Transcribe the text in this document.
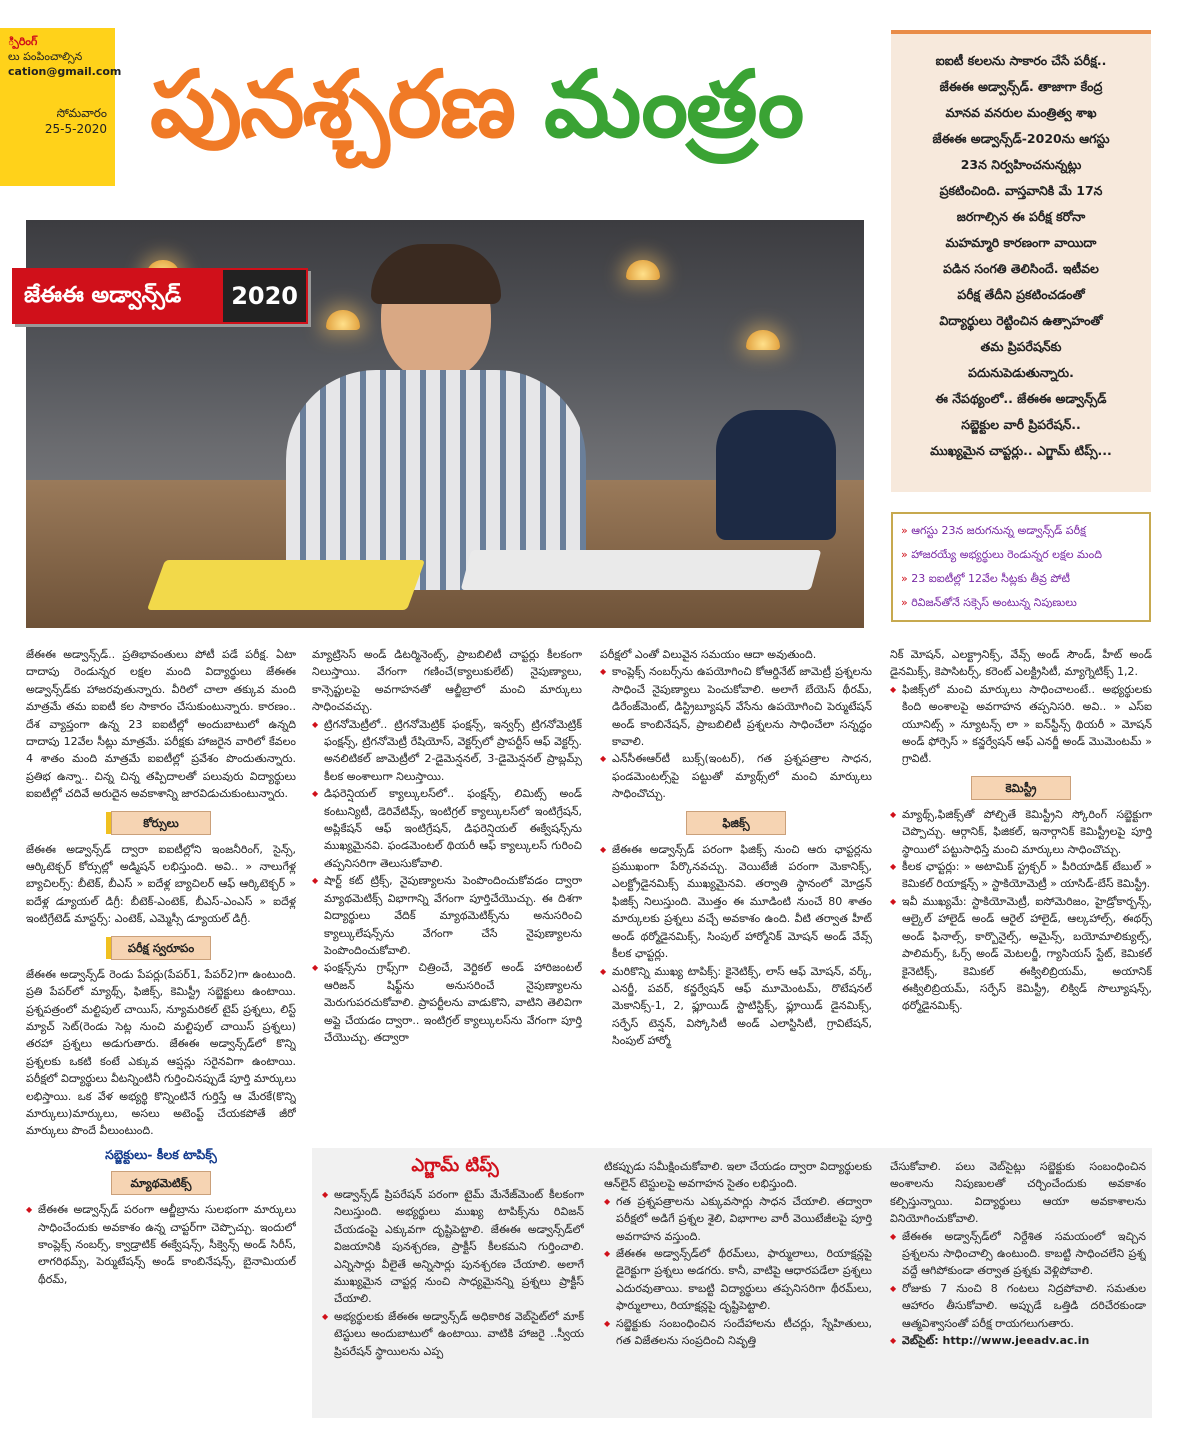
్పిరింగ్
లు పంపించాల్సిన
cation@gmail.com
సోమవారం
25-5-2020 పునశ్చరణ మంత్రం
జేఈఈ అడ్వాన్స్‌డ్	2020
ఐఐటీ కలలను సాకారం చేసే పరీక్ష..
జేఈఈ అడ్వాన్స్‌డ్. తాజాగా కేంద్ర
మానవ వనరుల మంత్రిత్వ శాఖ
జేఈఈ అడ్వాన్స్‌డ్‌-2020ను ఆగస్టు
23న నిర్వహించనున్నట్లు
ప్రకటించింది. వాస్తవానికి మే 17న
జరగాల్సిన ఈ పరీక్ష కరోనా
మహమ్మారి కారణంగా వాయిదా
పడిన సంగతి తెలిసిందే. ఇటీవల
పరీక్ష తేదీని ప్రకటించడంతో
విద్యార్థులు రెట్టించిన ఉత్సాహంతో
తమ ప్రిపరేషన్‌కు
పదునుపెడుతున్నారు.
ఈ నేపథ్యంలో.. జేఈఈ అడ్వాన్స్‌డ్‌
సబ్జెక్టుల వారీ ప్రిపరేషన్‌..
ముఖ్యమైన చాప్టర్లు.. ఎగ్జామ్‌ టిప్స్‌...
» ఆగస్టు 23న జరుగనున్న అడ్వాన్స్‌డ్‌ పరీక్ష
» హాజరయ్యే అభ్యర్థులు రెండున్నర లక్షల మంది
» 23 ఐఐటీల్లో 12వేల సీట్లకు తీవ్ర పోటీ
» రివిజన్‌తోనే సక్సెస్‌ అంటున్న నిపుణులు

జేఈఈ అడ్వాన్స్‌డ్‌.. ప్రతిభావంతులు పోటీ పడే పరీక్ష. ఏటా దాదాపు రెండున్నర లక్షల మంది విద్యార్థులు జేఈఈ అడ్వాన్స్‌డ్‌కు హాజరవుతున్నారు. వీరిలో చాలా తక్కువ మంది మాత్రమే తమ ఐఐటీ కల సాకారం చేసుకుంటున్నారు. కారణం.. దేశ వ్యాప్తంగా ఉన్న 23 ఐఐటీల్లో అందుబాటులో ఉన్నది దాదాపు 12వేల సీట్లు మాత్రమే. పరీక్షకు హాజరైన వారిలో కేవలం 4 శాతం మంది మాత్రమే ఐఐటీల్లో ప్రవేశం పొందుతున్నారు. ప్రతిభ ఉన్నా.. చిన్న చిన్న తప్పిదాలతో పలువురు విద్యార్థులు ఐఐటీల్లో చదివే అరుదైన అవకాశాన్ని జారవిడుచుకుంటున్నారు.

కోర్సులు

జేఈఈ అడ్వాన్స్‌డ్‌ ద్వారా ఐఐటీల్లోని ఇంజనీరింగ్‌, సైన్స్‌, ఆర్కిటెక్చర్‌ కోర్సుల్లో అడ్మిషన్‌ లభిస్తుంది. అవి.. » నాలుగేళ్ల బ్యాచిలర్స్‌: బీటెక్‌, బీఎస్‌ » ఐదేళ్ల బ్యాచిలర్‌ ఆఫ్‌ ఆర్కిటెక్చర్‌ » ఐదేళ్ల డ్యూయల్‌ డిగ్రీ: బీటెక్‌-ఎంటెక్‌, బీఎస్‌-ఎంఎస్‌ » ఐదేళ్ల ఇంటిగ్రేటెడ్‌ మాస్టర్స్‌: ఎంటెక్‌, ఎమ్మెస్సీ డ్యూయల్‌ డిగ్రీ.

పరీక్ష స్వరూపం

జేఈఈ అడ్వాన్స్‌డ్‌ రెండు పేపర్లు(పేపర్‌1, పేపర్‌2)గా ఉంటుంది. ప్రతి పేపర్‌లో మ్యాథ్స్‌, ఫిజిక్స్‌, కెమిస్ట్రీ సబ్జెక్టులు ఉంటాయి. ప్రశ్నపత్రంలో మల్టిపుల్‌ చాయిస్‌, న్యూమరికల్‌ టైప్‌ ప్రశ్నలు, లిస్ట్‌ మ్యాచ్‌ సెట్‌(రెండు సెట్ల నుంచి మల్టిపుల్‌ చాయిస్‌ ప్రశ్నలు) తరహా ప్రశ్నలు అడుగుతారు. జేఈఈ అడ్వాన్స్‌డ్‌లో కొన్ని ప్రశ్నలకు ఒకటి కంటే ఎక్కువ ఆప్షన్లు సరైనవిగా ఉంటాయి. పరీక్షలో విద్యార్థులు వీటన్నింటినీ గుర్తించినప్పుడే పూర్తి మార్కులు లభిస్తాయి. ఒక వేళ అభ్యర్థి కొన్నింటినే గుర్తిస్తే ఆ మేరకే(కొన్ని మార్కులు)మార్కులు, అసలు అటెంప్ట్‌ చేయకపోతే జీరో మార్కులు పొందే వీలుంటుంది.

సబ్జెక్టులు- కీలక టాపిక్స్‌
మ్యాథమెటిక్స్‌

◆ జేఈఈ అడ్వాన్స్‌డ్‌ పరంగా ఆల్జీబ్రాను సులభంగా మార్కులు సాధించేందుకు అవకాశం ఉన్న చాప్టర్‌గా చెప్పొచ్చు. ఇందులో కాంప్లెక్స్‌ నంబర్స్‌, క్వాడ్రాటిక్‌ ఈక్వేషన్స్‌, సీక్వెన్స్‌ అండ్‌ సిరీస్‌, లాగరిథమ్స్‌, పెర్ముటేషన్స్‌ అండ్‌ కాంబినేషన్స్‌, బైనామియల్‌ థీరమ్‌,

మ్యాట్రిసెస్‌ అండ్‌ డిటర్మినెంట్స్‌, ప్రాబబిలిటీ చాప్టర్లు కీలకంగా నిలుస్తాయి. వేగంగా గణించే(క్యాలుకులేట్‌) నైపుణ్యాలు, కాన్సెప్టులపై అవగాహనతో ఆల్జీబ్రాలో మంచి మార్కులు సాధించవచ్చు.

◆ ట్రిగనోమెట్రీలో.. ట్రిగనోమెట్రిక్‌ ఫంక్షన్స్‌, ఇన్వర్స్‌ ట్రిగనోమెట్రిక్‌ ఫంక్షన్స్‌, ట్రిగనోమెట్రీ రేషియోస్‌, వెక్టర్స్‌లో ప్రాపర్టీస్‌ ఆఫ్‌ వెక్టర్స్‌. అనలిటికల్‌ జామెట్రీలో 2-డైమెన్షనల్‌, 3-డైమెన్షనల్‌ ప్రాబ్లమ్స్‌ కీలక అంశాలుగా నిలుస్తాయి.

◆ డిఫరెన్షియల్‌ క్యాల్కులస్‌లో.. ఫంక్షన్స్‌, లిమిట్స్‌ అండ్‌ కంటున్యిటీ, డెరివేటివ్స్‌, ఇంటిగ్రల్‌ క్యాల్కులస్‌లో ఇంటిగ్రేషన్‌, అప్లికేషన్‌ ఆఫ్‌ ఇంటిగ్రేషన్‌, డిఫరెన్షియల్‌ ఈక్వేషన్స్‌ను ముఖ్యమైనవి. ఫండమెంటల్‌ థియరీ ఆఫ్‌ క్యాల్కులస్‌ గురించి తప్పనిసరిగా తెలుసుకోవాలి.

◆ షార్ట్‌ కట్‌ ట్రిక్స్‌, నైపుణ్యాలను పెంపొందించుకోవడం ద్వారా మ్యాథమెటిక్స్‌ విభాగాన్ని వేగంగా పూర్తిచేయొచ్చు. ఈ దిశగా విద్యార్థులు వేదిక్‌ మ్యాథమెటిక్స్‌ను అనుసరించి క్యాల్కులేషన్స్‌ను వేగంగా చేసే నైపుణ్యాలను పెంపొందించుకోవాలి.

◆ ఫంక్షన్స్‌ను గ్రాఫ్స్‌గా చిత్రించే, వెర్టికల్‌ అండ్‌ హారిజంటల్‌ ఆరిజన్‌ షిఫ్ట్‌ను అనుసరించే నైపుణ్యాలను మెరుగుపరచుకోవాలి. ప్రాపర్టీలను వాడుకొని, వాటిని తెలివిగా అప్లై చేయడం ద్వారా.. ఇంటిగ్రల్‌ క్యాల్కులస్‌ను వేగంగా పూర్తి చేయొచ్చు. తద్వారా

పరీక్షలో ఎంతో విలువైన సమయం ఆదా అవుతుంది.

◆ కాంప్లెక్స్‌ నంబర్స్‌ను ఉపయోగించి కోఆర్డినేట్‌ జామెట్రీ ప్రశ్నలను సాధించే నైపుణ్యాలు పెంచుకోవాలి. అలాగే బేయెస్‌ థీరమ్‌, డిరేంజ్‌మెంట్‌, డిస్ట్రిబ్యూషన్‌ వేసేను ఉపయోగించి పెర్ముటేషన్‌ అండ్‌ కాంబినేషన్‌, ప్రాబబిలిటీ ప్రశ్నలను సాధించేలా సన్నద్ధం కావాలి.

◆ ఎన్‌సీఈఆర్‌టీ బుక్స్‌(ఇంటర్‌), గత ప్రశ్నపత్రాల సాధన, ఫండమెంటల్స్‌పై పట్టుతో మ్యాథ్స్‌లో మంచి మార్కులు సాధించొచ్చు.

ఫిజిక్స్‌

◆ జేఈఈ అడ్వాన్స్‌డ్‌ పరంగా ఫిజిక్స్‌ నుంచి ఆరు ఛాప్టర్లను ప్రముఖంగా పేర్కొనవచ్చు. వెయిటేజీ పరంగా మెకానిక్స్‌, ఎలక్ట్రోడైనమిక్స్‌ ముఖ్యమైనవి. తర్వాతి స్థానంలో మోడ్రన్‌ ఫిజిక్స్‌ నిలుస్తుంది. మొత్తం ఈ మూడింటి నుంచే 80 శాతం మార్కులకు ప్రశ్నలు వచ్చే అవకాశం ఉంది. వీటి తర్వాత హీట్‌ అండ్‌ థర్మోడైనమిక్స్‌, సింపుల్‌ హార్మోనిక్‌ మోషన్‌ అండ్‌ వేవ్స్‌ కీలక ఛాప్టర్లు.

◆ మరికొన్ని ముఖ్య టాపిక్స్‌: కైనెటిక్స్‌, లాస్‌ ఆఫ్‌ మోషన్‌, వర్క్‌, ఎనర్జీ, పవర్‌, కన్జర్వేషన్‌ ఆఫ్‌ మూమెంటమ్‌, రొటేషనల్‌ మెకానిక్స్‌-1, 2, ఫ్లూయిడ్‌ స్టాటిస్టిక్స్‌, ఫ్లూయిడ్‌ డైనమిక్స్‌, సర్ఫేస్‌ టెన్షన్‌, విస్కోసిటీ అండ్‌ ఎలాస్టిసిటీ, గ్రావిటేషన్‌, సింపుల్‌ హార్మో

నిక్‌ మోషన్‌, ఎలక్ట్రానిక్స్‌, వేవ్స్‌ అండ్‌ సౌండ్‌, హీట్‌ అండ్‌ డైనమిక్స్‌, కెపాసిటర్స్‌, కరెంట్‌ ఎలక్ట్రిసిటీ, మ్యాగ్నెటిక్స్‌ 1,2.

◆ ఫిజిక్స్‌లో మంచి మార్కులు సాధించాలంటే.. అభ్యర్థులకు కింది అంశాలపై అవగాహన తప్పనిసరి. అవి.. » ఎస్‌ఐ యూనిట్స్‌ » న్యూటన్స్‌ లా » ఐన్‌స్టీన్స్‌ థియరీ » మోషన్‌ అండ్‌ ఫోర్సెస్‌ » కన్జర్వేషన్‌ ఆఫ్‌ ఎనర్జీ అండ్‌ మొమెంటమ్‌ » గ్రావిటీ.

కెమిస్ట్రీ

◆ మ్యాథ్స్‌,ఫిజిక్స్‌తో పోల్చితే కెమిస్ట్రీని స్కోరింగ్‌ సబ్జెక్టుగా చెప్పొచ్చు. ఆర్గానిక్‌, ఫిజికల్‌, ఇనార్గానిక్‌ కెమిస్ట్రీలపై పూర్తి స్థాయిలో పట్టుసాధిస్తే మంచి మార్కులు సాధించొచ్చు.

◆ కీలక ఛాప్టర్లు: » అటామిక్‌ స్ట్రక్చర్‌ » పీరియాడిక్‌ టేబుల్‌ » కెమికల్‌ రియాక్షన్స్‌ » స్టాకియోమెట్రీ » యాసిడ్‌-బేస్‌ కెమిస్ట్రీ.

◆ ఇవీ ముఖ్యమే: స్టాకియోమెట్రీ, ఐసోమెరిజం, హైడ్రోకార్బన్స్‌, ఆల్కైల్‌ హాలైడ్‌ అండ్‌ ఆరైల్‌ హాలైడ్‌, ఆల్కహాల్స్‌, ఈథర్స్‌ అండ్‌ ఫినాల్స్‌, కార్బొనైల్స్‌, అమైన్స్‌, బయోమాలిక్యుల్స్‌, పాలిమర్స్‌, ఓర్స్‌ అండ్‌ మెటలర్జీ, గ్యాసియస్‌ స్టేట్‌, కెమికల్‌ కైనెటిక్స్‌, కెమికల్‌ ఈక్విలిబ్రియమ్‌, అయానిక్‌ ఈక్విలిబ్రియమ్‌, సర్ఫేస్‌ కెమిస్ట్రీ, లిక్విడ్‌ సొల్యూషన్స్‌, థర్మోడైనమిక్స్‌.

ఎగ్జామ్‌ టిప్స్‌

◆ అడ్వాన్స్‌డ్‌ ప్రిపరేషన్‌ పరంగా టైమ్‌ మేనేజ్‌మెంట్‌ కీలకంగా నిలుస్తుంది. అభ్యర్థులు ముఖ్య టాపిక్స్‌ను రివిజన్‌ చేయడంపై ఎక్కువగా దృష్టిపెట్టాలి. జేఈఈ అడ్వాన్స్‌డ్‌లో విజయానికి పునశ్చరణ, ప్రాక్టీస్‌ కీలకమని గుర్తించాలి. ఎన్నిసార్లు వీలైతే అన్నిసార్లు పునశ్చరణ చేయాలి. అలాగే ముఖ్యమైన చాప్టర్ల నుంచి సాధ్యమైనన్ని ప్రశ్నలు ప్రాక్టీస్‌ చేయాలి.

◆ అభ్యర్థులకు జేఈఈ అడ్వాన్స్‌డ్‌ అధికారిక వెబ్‌సైట్‌లో మాక్‌ టెస్టులు అందుబాటులో ఉంటాయి. వాటికి హాజరై ..స్వీయ ప్రిపరేషన్‌ స్థాయిలను ఎప్ప

టికప్పుడు సమీక్షించుకోవాలి. ఇలా చేయడం ద్వారా విద్యార్థులకు ఆన్‌లైన్‌ టెస్టులపై అవగాహన సైతం లభిస్తుంది.

◆ గత ప్రశ్నపత్రాలను ఎక్కువసార్లు సాధన చేయాలి. తద్వారా పరీక్షలో అడిగే ప్రశ్నల శైలి, విభాగాల వారీ వెయిటేజీలపై పూర్తి అవగాహన వస్తుంది.

◆ జేఈఈ అడ్వాన్స్‌డ్‌లో థీరమ్‌లు, ఫార్ములాలు, రియాక్షన్లపై డైరెక్టుగా ప్రశ్నలు అడగరు. కానీ, వాటిపై ఆధారపడేలా ప్రశ్నలు ఎదురవుతాయి. కాబట్టి విద్యార్థులు తప్పనిసరిగా థీరమ్‌లు, ఫార్ములాలు, రియాక్షన్లపై దృష్టిపెట్టాలి.

◆ సబ్జెక్టుకు సంబంధించిన సందేహాలను టీచర్లు, స్నేహితులు, గత విజేతలను సంప్రదించి నివృత్తి

చేసుకోవాలి. పలు వెబ్‌సైట్లు సబ్జెక్టుకు సంబంధించిన అంశాలను నిపుణులతో చర్చించేందుకు అవకాశం కల్పిస్తున్నాయి. విద్యార్థులు ఆయా అవకాశాలను వినియోగించుకోవాలి.

◆ జేఈఈ అడ్వాన్స్‌డ్‌లో నిర్దేశిత సమయంలో ఇచ్చిన ప్రశ్నలను సాధించాల్సి ఉంటుంది. కాబట్టి సాధించలేని ప్రశ్న వద్దే ఆగిపోకుండా తర్వాత ప్రశ్నకు వెళ్లిపోవాలి.

◆ రోజుకు 7 నుంచి 8 గంటలు నిద్రపోవాలి. సమతుల ఆహారం తీసుకోవాలి. అప్పుడే ఒత్తిడి దరిచేరకుండా ఆత్మవిశ్వాసంతో పరీక్ష రాయగలుగుతారు.

◆ వెబ్‌సైట్‌: http://www.jeeadv.ac.in
